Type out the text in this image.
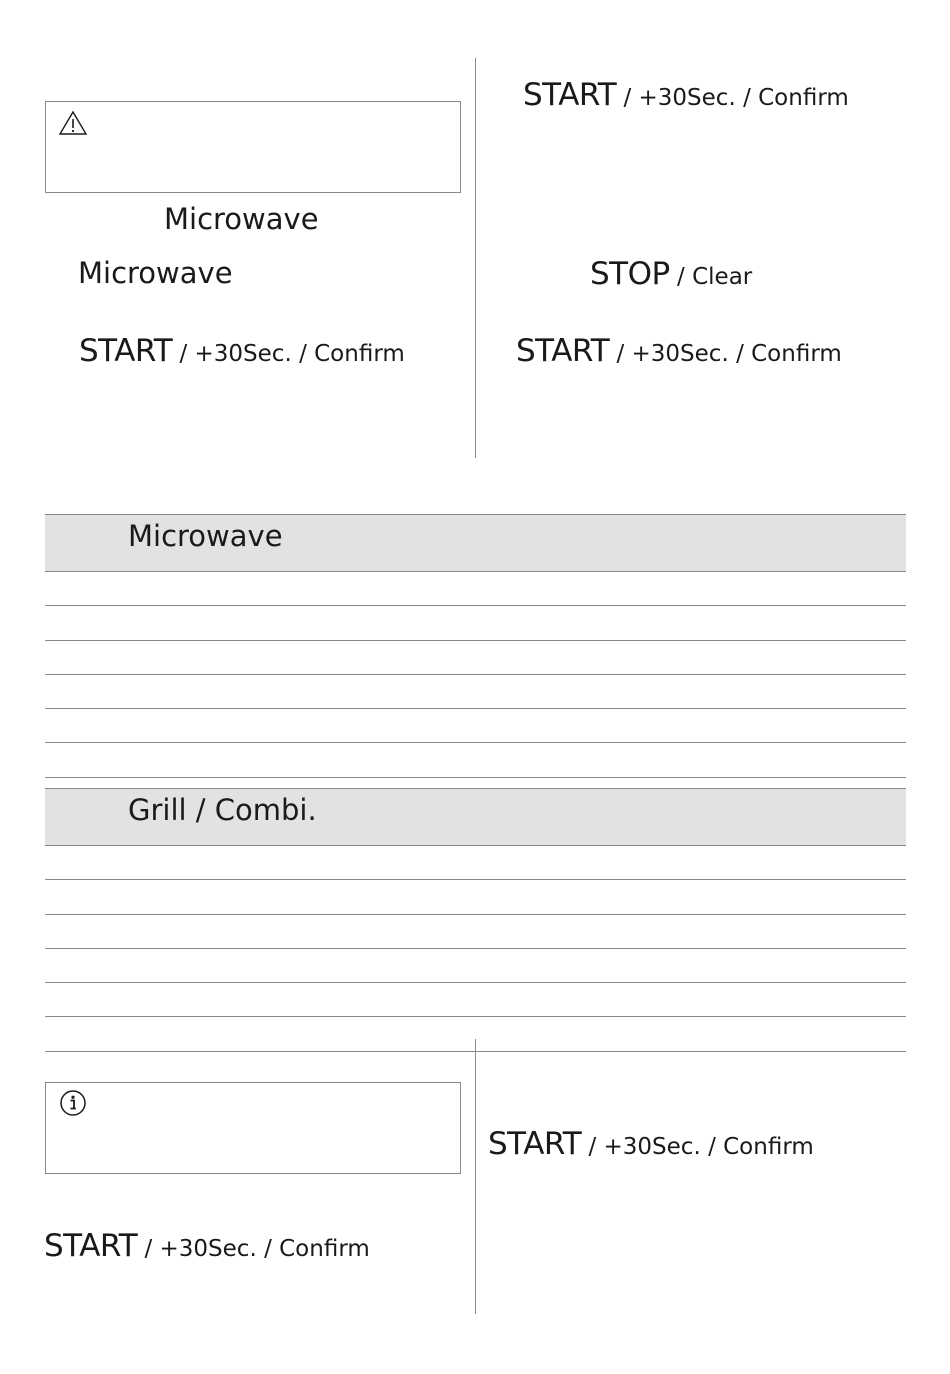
Microwave
Microwave
START / +30Sec. / Confirm
START / +30Sec. / Confirm
STOP / Clear
START / +30Sec. / Confirm
Microwave
Grill / Combi.
START / +30Sec. / Confirm
START / +30Sec. / Confirm
